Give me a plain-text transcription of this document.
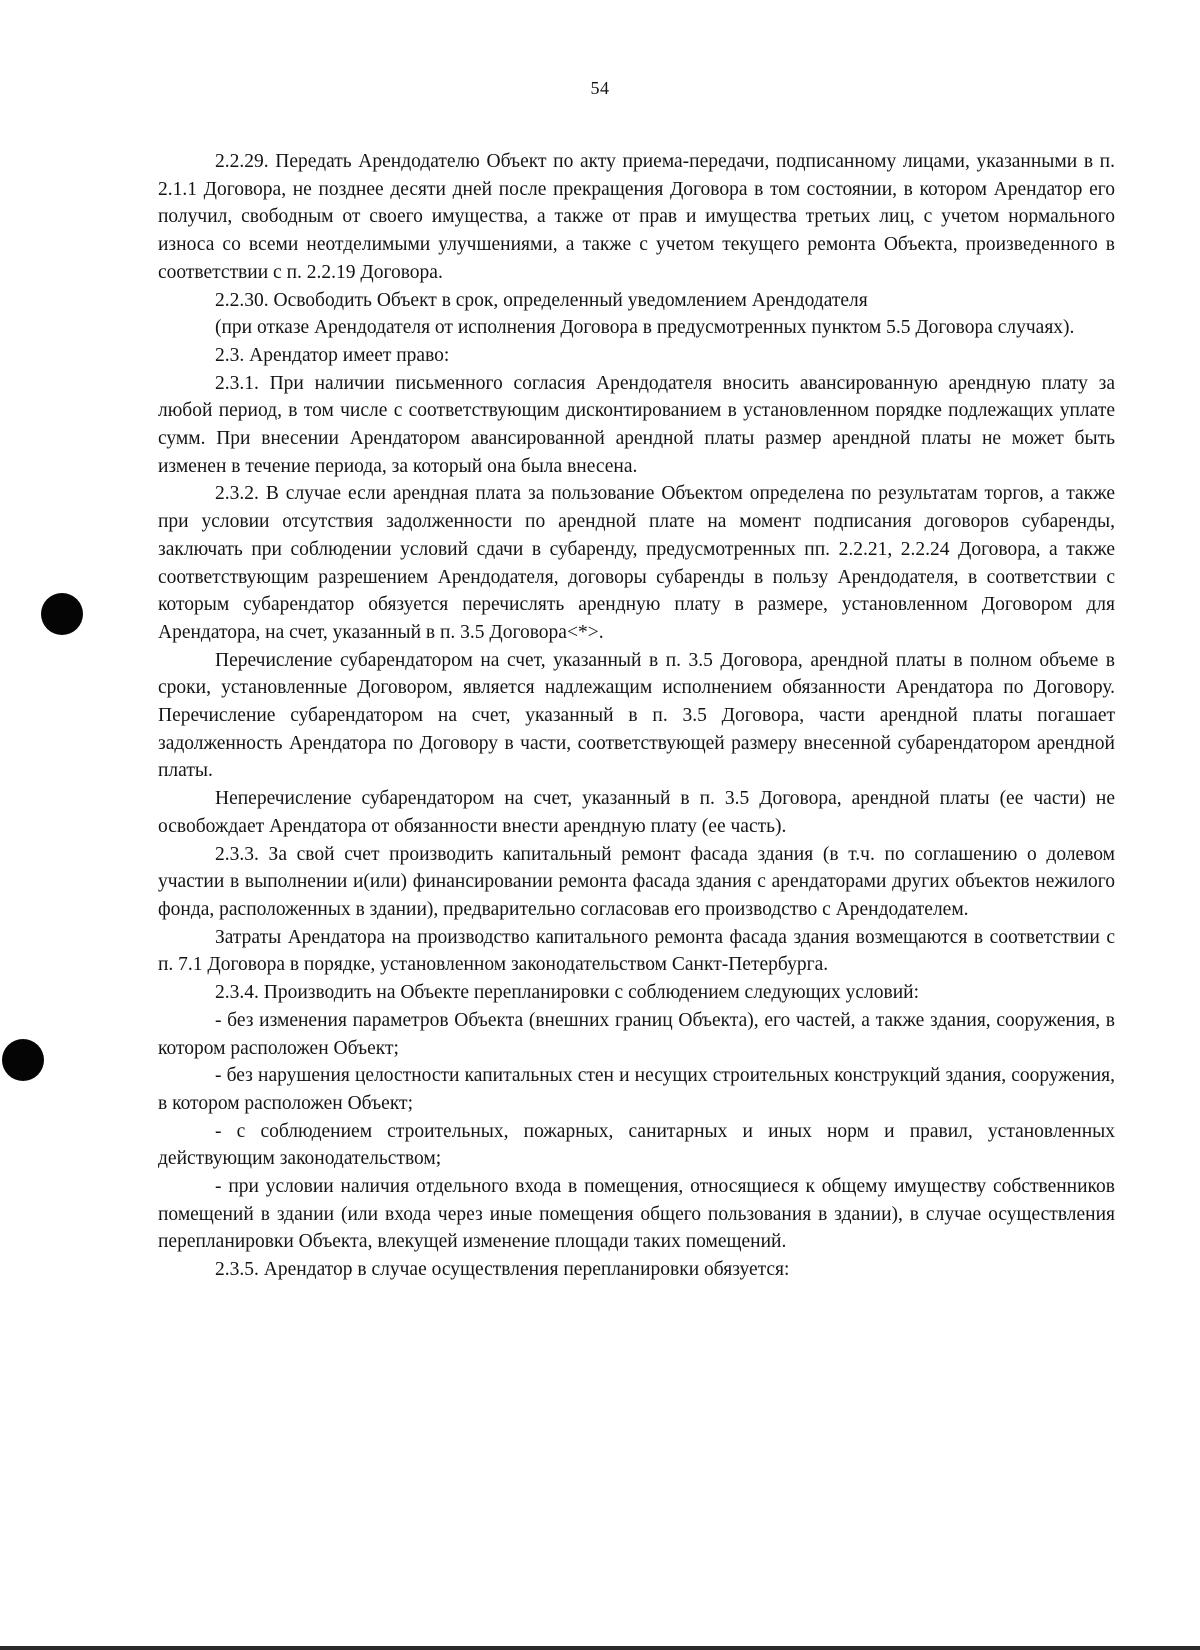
54

2.2.29. Передать Арендодателю Объект по акту приема-передачи, подписанному лицами, указанными в п. 2.1.1 Договора, не позднее десяти дней после прекращения Договора в том состоянии, в котором Арендатор его получил, свободным от своего имущества, а также от прав и имущества третьих лиц, с учетом нормального износа со всеми неотделимыми улучшениями, а также с учетом текущего ремонта Объекта, произведенного в соответствии с п. 2.2.19 Договора.

2.2.30. Освободить Объект в срок, определенный уведомлением Арендодателя

(при отказе Арендодателя от исполнения Договора в предусмотренных пунктом 5.5 Договора случаях).

2.3. Арендатор имеет право:

2.3.1. При наличии письменного согласия Арендодателя вносить авансированную арендную плату за любой период, в том числе с соответствующим дисконтированием в установленном порядке подлежащих уплате сумм. При внесении Арендатором авансированной арендной платы размер арендной платы не может быть изменен в течение периода, за который она была внесена.

2.3.2. В случае если арендная плата за пользование Объектом определена по результатам торгов, а также при условии отсутствия задолженности по арендной плате на момент подписания договоров субаренды, заключать при соблюдении условий сдачи в субаренду, предусмотренных пп. 2.2.21, 2.2.24 Договора, а также соответствующим разрешением Арендодателя, договоры субаренды в пользу Арендодателя, в соответствии с которым субарендатор обязуется перечислять арендную плату в размере, установленном Договором для Арендатора, на счет, указанный в п. 3.5 Договора<*>.

Перечисление субарендатором на счет, указанный в п. 3.5 Договора, арендной платы в полном объеме в сроки, установленные Договором, является надлежащим исполнением обязанности Арендатора по Договору. Перечисление субарендатором на счет, указанный в п. 3.5 Договора, части арендной платы погашает задолженность Арендатора по Договору в части, соответствующей размеру внесенной субарендатором арендной платы.

Неперечисление субарендатором на счет, указанный в п. 3.5 Договора, арендной платы (ее части) не освобождает Арендатора от обязанности внести арендную плату (ее часть).

2.3.3. За свой счет производить капитальный ремонт фасада здания (в т.ч. по соглашению о долевом участии в выполнении и(или) финансировании ремонта фасада здания с арендаторами других объектов нежилого фонда, расположенных в здании), предварительно согласовав его производство с Арендодателем.

Затраты Арендатора на производство капитального ремонта фасада здания возмещаются в соответствии с п. 7.1 Договора в порядке, установленном законодательством Санкт-Петербурга.

2.3.4. Производить на Объекте перепланировки с соблюдением следующих условий:

- без изменения параметров Объекта (внешних границ Объекта), его частей, а также здания, сооружения, в котором расположен Объект;

- без нарушения целостности капитальных стен и несущих строительных конструкций здания, сооружения, в котором расположен Объект;

- с соблюдением строительных, пожарных, санитарных и иных норм и правил, установленных действующим законодательством;

- при условии наличия отдельного входа в помещения, относящиеся к общему имуществу собственников помещений в здании (или входа через иные помещения общего пользования в здании), в случае осуществления перепланировки Объекта, влекущей изменение площади таких помещений.

2.3.5. Арендатор в случае осуществления перепланировки обязуется:
